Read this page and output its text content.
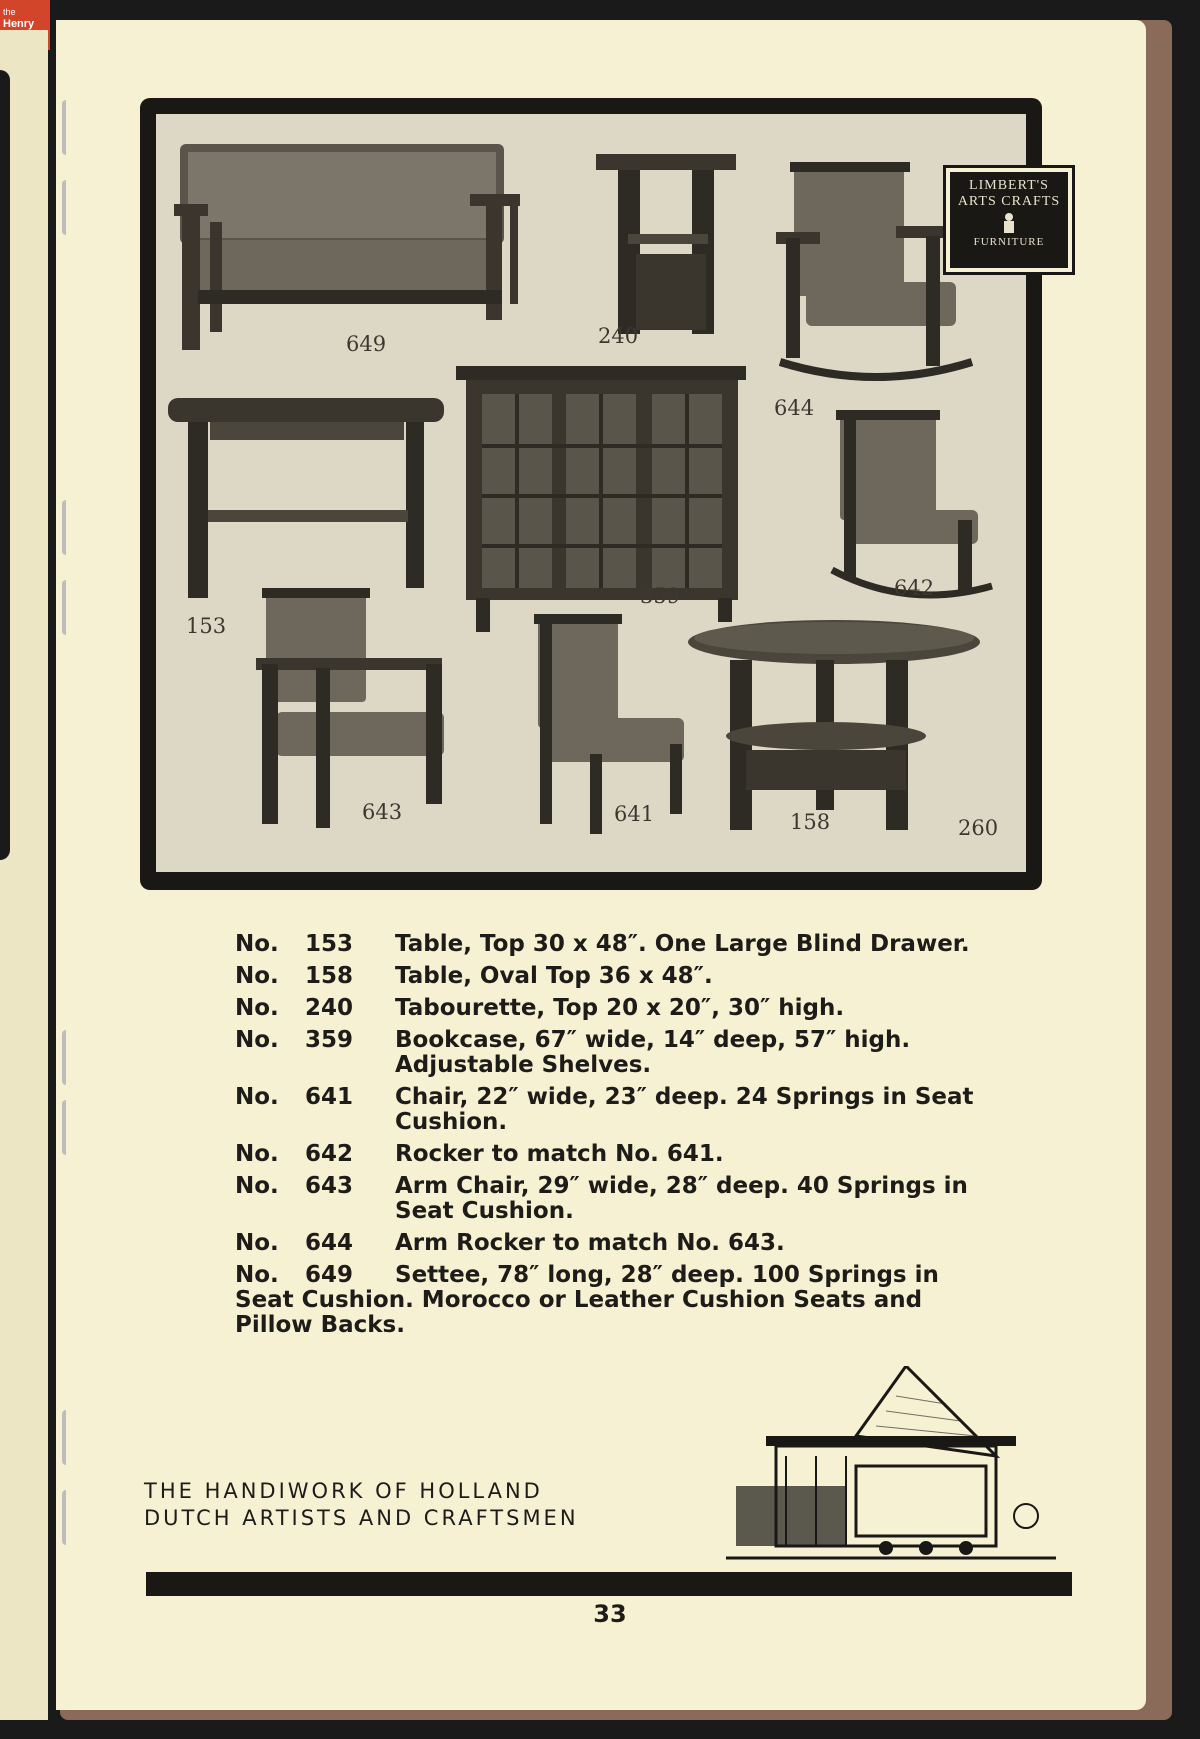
the
Henry

649	240
644
153
359	642
643	641	158	260
LIMBERT'S
ARTS CRAFTS
FURNITURE
No.	153	Table, Top 30 x 48″. One Large Blind Drawer.
No.	158	Table, Oval Top 36 x 48″.
No.	240	Tabourette, Top 20 x 20″, 30″ high.
No.	359	Bookcase, 67″ wide, 14″ deep, 57″ high. Adjustable Shelves.
No.	641	Chair, 22″ wide, 23″ deep. 24 Springs in Seat Cushion.
No.	642	Rocker to match No. 641.
No.	643	Arm Chair, 29″ wide, 28″ deep. 40 Springs in Seat Cushion.
No.	644	Arm Rocker to match No. 643.
No. 649 Settee, 78″ long, 28″ deep. 100 Springs in Seat Cushion. Morocco or Leather Cushion Seats and Pillow Backs.
THE HANDIWORK OF HOLLAND
DUTCH ARTISTS AND CRAFTSMEN
33
